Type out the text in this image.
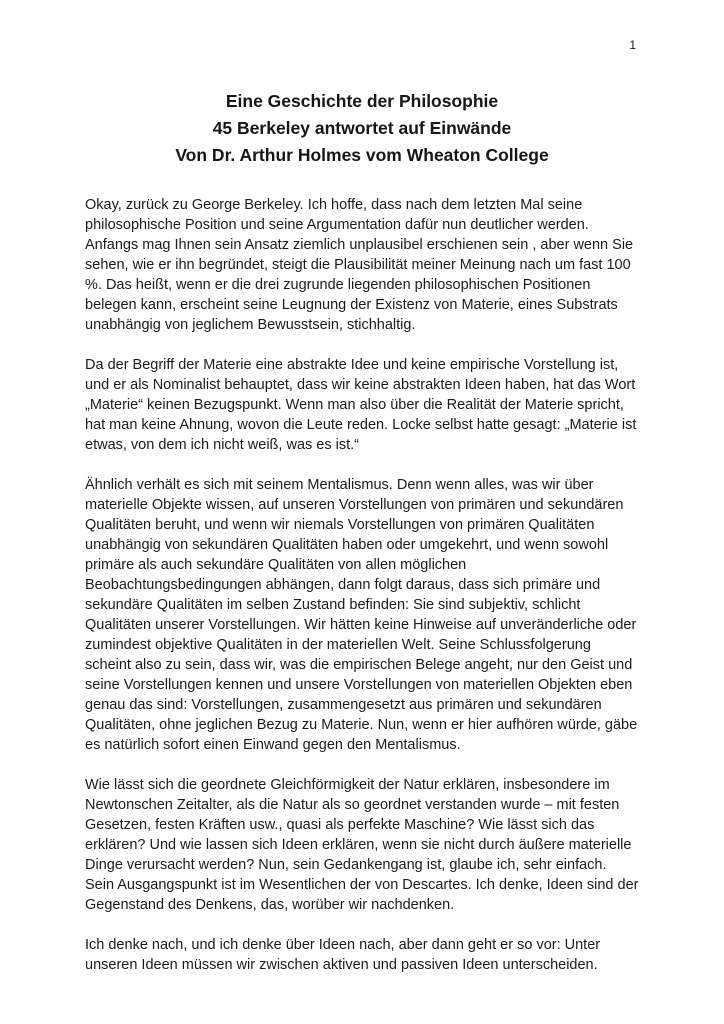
1
Eine Geschichte der Philosophie
45 Berkeley antwortet auf Einwände
Von Dr. Arthur Holmes vom Wheaton College

Okay, zurück zu George Berkeley. Ich hoffe, dass nach dem letzten Mal seine philosophische Position und seine Argumentation dafür nun deutlicher werden. Anfangs mag Ihnen sein Ansatz ziemlich unplausibel erschienen sein , aber wenn Sie sehen, wie er ihn begründet, steigt die Plausibilität meiner Meinung nach um fast 100 %. Das heißt, wenn er die drei zugrunde liegenden philosophischen Positionen belegen kann, erscheint seine Leugnung der Existenz von Materie, eines Substrats unabhängig von jeglichem Bewusstsein, stichhaltig.

Da der Begriff der Materie eine abstrakte Idee und keine empirische Vorstellung ist, und er als Nominalist behauptet, dass wir keine abstrakten Ideen haben, hat das Wort „Materie“ keinen Bezugspunkt. Wenn man also über die Realität der Materie spricht, hat man keine Ahnung, wovon die Leute reden. Locke selbst hatte gesagt: „Materie ist etwas, von dem ich nicht weiß, was es ist.“

Ähnlich verhält es sich mit seinem Mentalismus. Denn wenn alles, was wir über materielle Objekte wissen, auf unseren Vorstellungen von primären und sekundären Qualitäten beruht, und wenn wir niemals Vorstellungen von primären Qualitäten unabhängig von sekundären Qualitäten haben oder umgekehrt, und wenn sowohl primäre als auch sekundäre Qualitäten von allen möglichen Beobachtungsbedingungen abhängen, dann folgt daraus, dass sich primäre und sekundäre Qualitäten im selben Zustand befinden: Sie sind subjektiv, schlicht Qualitäten unserer Vorstellungen. Wir hätten keine Hinweise auf unveränderliche oder zumindest objektive Qualitäten in der materiellen Welt. Seine Schlussfolgerung scheint also zu sein, dass wir, was die empirischen Belege angeht, nur den Geist und seine Vorstellungen kennen und unsere Vorstellungen von materiellen Objekten eben genau das sind: Vorstellungen, zusammengesetzt aus primären und sekundären Qualitäten, ohne jeglichen Bezug zu Materie. Nun, wenn er hier aufhören würde, gäbe es natürlich sofort einen Einwand gegen den Mentalismus.

Wie lässt sich die geordnete Gleichförmigkeit der Natur erklären, insbesondere im Newtonschen Zeitalter, als die Natur als so geordnet verstanden wurde – mit festen Gesetzen, festen Kräften usw., quasi als perfekte Maschine? Wie lässt sich das erklären? Und wie lassen sich Ideen erklären, wenn sie nicht durch äußere materielle Dinge verursacht werden? Nun, sein Gedankengang ist, glaube ich, sehr einfach. Sein Ausgangspunkt ist im Wesentlichen der von Descartes. Ich denke, Ideen sind der Gegenstand des Denkens, das, worüber wir nachdenken.

Ich denke nach, und ich denke über Ideen nach, aber dann geht er so vor: Unter unseren Ideen müssen wir zwischen aktiven und passiven Ideen unterscheiden.
